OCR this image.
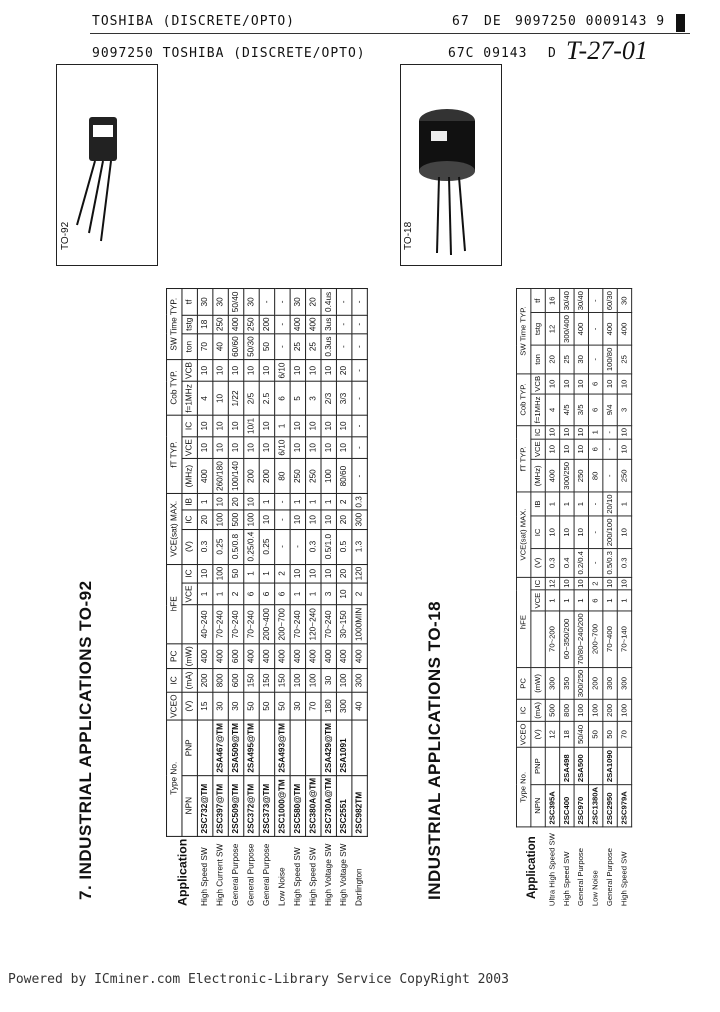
TOSHIBA (DISCRETE/OPTO)	67 DE 9097250 0009143 9
9097250 TOSHIBA (DISCRETE/OPTO)	67C 09143 D T-27-01
TO-92	TO-18
7. INDUSTRIAL APPLICATIONS TO-92	INDUSTRIAL APPLICATIONS TO-18
Application	Type No.		VCEO	IC	PC	hFE			VCE(sat) MAX.			fT TYP.			Cob TYP.		SW Time TYP.		
	NPN	PNP	(V)	(mA)	(mW)		VCE	IC	(V)	IC	IB	(MHz)	VCE	IC	f=1MHz	VCB	ton	tstg	tf
High Speed SW	2SC732@TM		15	200	400	40~240	1	10	0.3	20	1	400	10	10	4	10	70	18	30
High Current SW	2SC397@TM	2SA467@TM	30	800	400	70~240	1	100	0.25	100	10	260/180	10	10	10	10	40	250	30
General Purpose	2SC509@TM	2SA509@TM	30	600	600	70~240	2	50	0.5/0.8	500	20	100/140	10	10	1/22	10	60/60	400	50/40
General Purpose	2SC372@TM	2SA495@TM	50	150	400	70~240	6	1	0.25/0.4	100	10	200	10	10/1	2/5	10	50/30	250	30
General Purpose	2SC373@TM		50	150	400	200~400	6	1	0.25	10	1	200	10	10	2.5	10	50	200	-
Low Noise	2SC1000@TM	2SA493@TM	50	150	400	200~700	6	2	-	-	-	80	6/10	1	6	6/10	-	-	-
High Speed SW	2SC580@TM		30	100	400	70~240	1	10	-	10	1	250	10	10	5	10	25	400	30
High Speed SW	2SC380A@TM		70	100	400	120~240	1	10	0.3	10	1	250	10	10	3	10	25	400	20
High Voltage SW	2SC730A@TM	2SA429@TM	180	30	400	70~240	3	10	0.5/1.0	10	1	100	10	10	2/3	10	0.3us	3us	0.4us
High Voltage SW	2SC2551	2SA1091	300	100	400	30~150	10	20	0.5	20	2	80/60	10	10	3/3	20	-	-	-
Darlington	2SC982TM		40	300	400	1000MIN	2	120	1.3	300	0.3	-	-	-	-	-	-	-	-
Application	Type No.		VCEO	IC	PC	hFE			VCE(sat) MAX.			fT TYP.			Cob TYP.		SW Time TYP.		
	NPN	PNP	(V)	(mA)	(mW)		VCE	IC	(V)	IC	IB	(MHz)	VCE	IC	f=1MHz	VCB	ton	tstg	tf
Ultra High Speed SW	2SC395A		12	500	300	70~200	1	12	0.3	10	1	400	10	10	4	10	20	12	16
High Speed SW	2SC400	2SA498	18	800	350	60~350/200	1	10	0.4	10	1	300/250	10	10	4/5	10	25	300/400	30/40
General Purpose	2SC970	2SA500	50/40	100	300/250	70/80~240/200	1	10	0.2/0.4	10	1	250	10	10	3/5	10	30	400	30/40
Low Noise	2SC1380A		50	100	200	200~700	6	2	-	-	-	80	6	1	6	6	-	-	-
General Purpose	2SC2950	2SA1090	50	200	300	70~400	1	10	0.5/0.3	200/100	20/10	-	-	-	9/4	10	100/80	400	60/30
High Speed SW	2SC979A		70	100	300	70~140	1	10	0.3	10	1	250	10	10	3	10	25	400	30
Powered by ICminer.com Electronic-Library Service CopyRight 2003
